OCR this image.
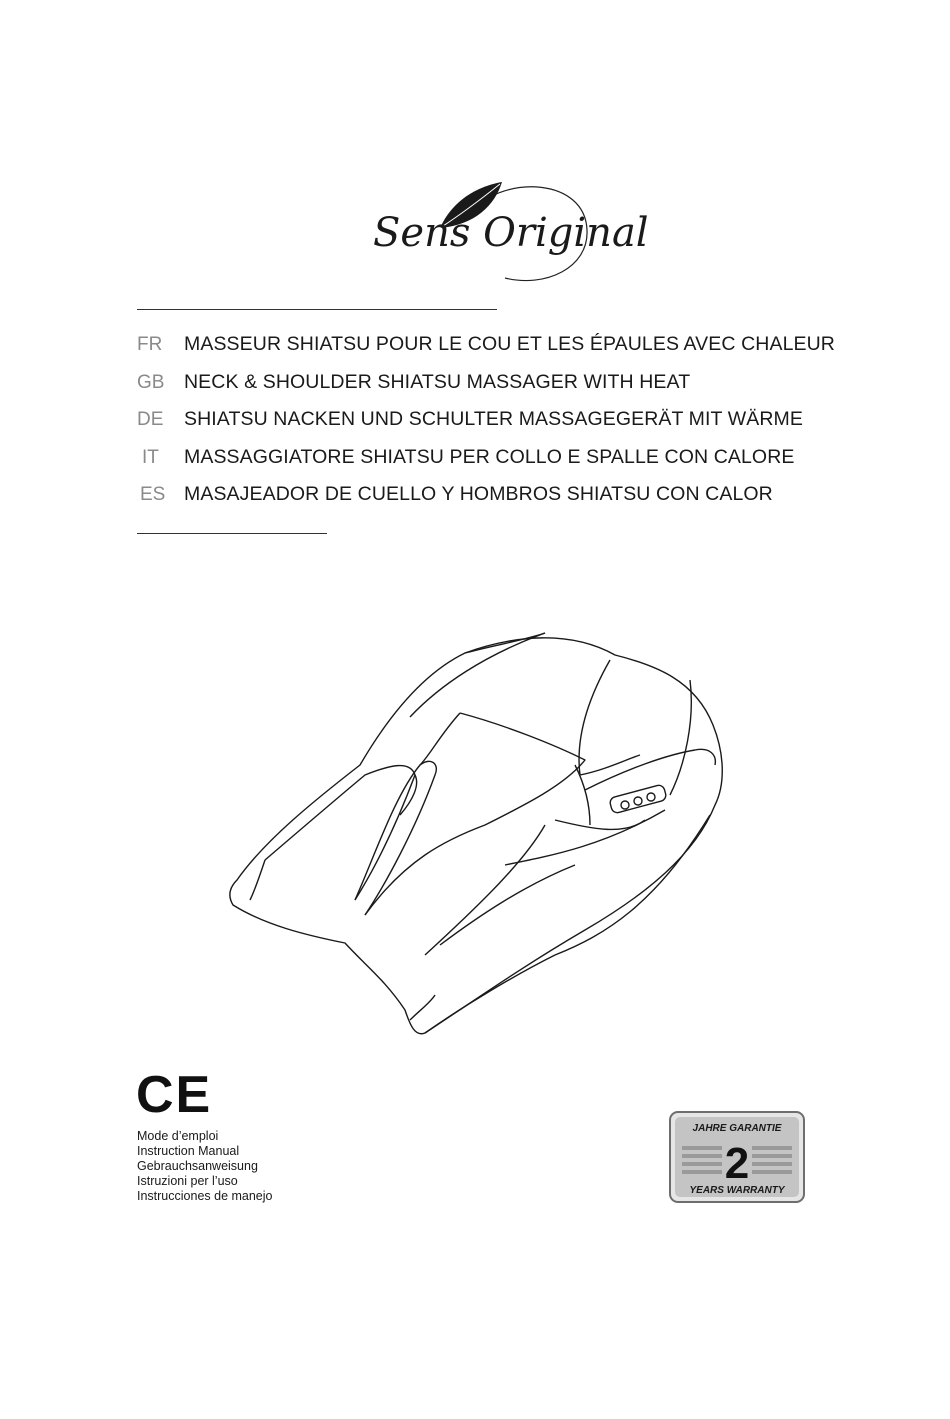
Sens Original
FR	MASSEUR SHIATSU POUR LE COU ET LES ÉPAULES AVEC CHALEUR
GB	NECK & SHOULDER SHIATSU MASSAGER WITH HEAT
DE	SHIATSU NACKEN UND SCHULTER MASSAGEGERÄT MIT WÄRME
IT	MASSAGGIATORE SHIATSU PER COLLO E SPALLE CON CALORE
ES MASAJEADOR DE CUELLO Y HOMBROS SHIATSU CON CALOR
CE
Mode d’emploi
Instruction Manual
Gebrauchsanweisung
Istruzioni per l’uso
Instrucciones de manejo
JAHRE GARANTIE
2
YEARS WARRANTY
